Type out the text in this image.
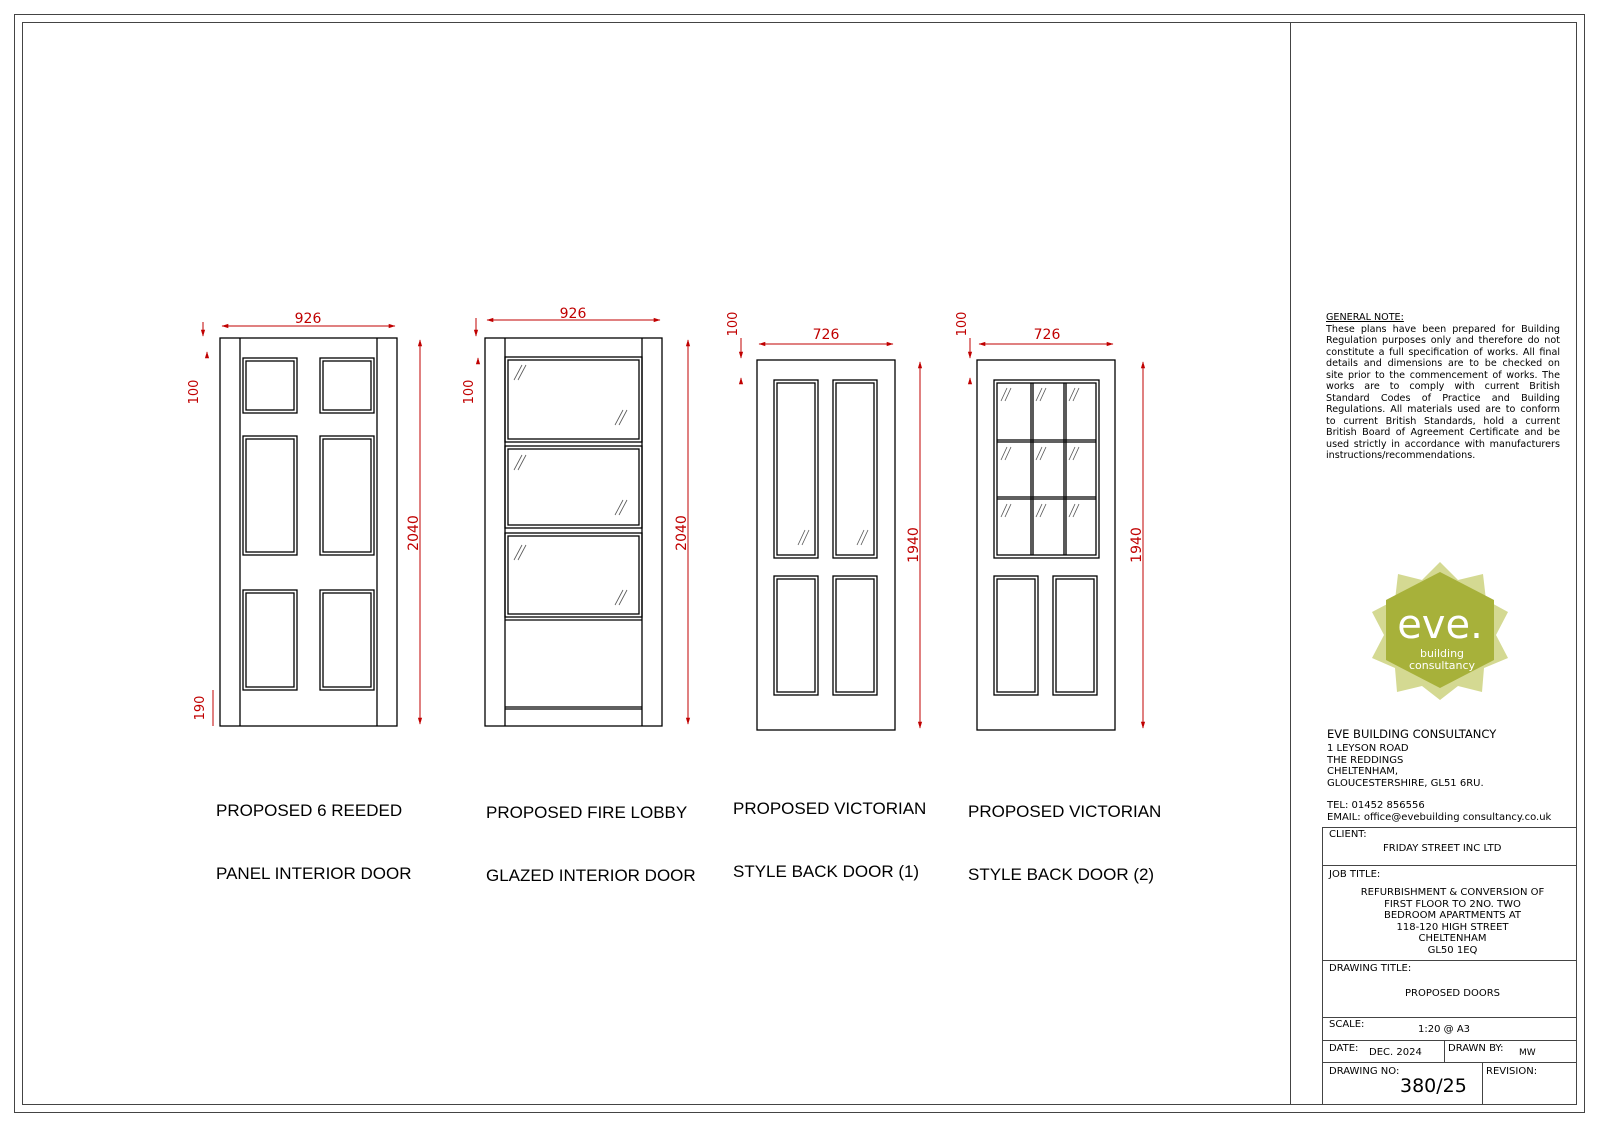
926
2040
100
190
926
2040
100
726
1940
100	726
1940
100

PROPOSED 6 REEDED

PANEL INTERIOR DOOR

PROPOSED FIRE LOBBY

GLAZED INTERIOR DOOR

PROPOSED VICTORIAN

STYLE BACK DOOR (1)

PROPOSED VICTORIAN

STYLE BACK DOOR (2)

GENERAL NOTE:
These plans have been prepared for Building Regulation purposes only and therefore do not constitute a full specification of works. All final details and dimensions are to be checked on site prior to the commencement of works. The works are to comply with current British Standard Codes of Practice and Building Regulations. All materials used are to conform to current British Standards, hold a current British Board of Agreement Certificate and be used strictly in accordance with manufacturers instructions/recommendations.
eve.
building
consultancy
EVE BUILDING CONSULTANCY
1 LEYSON ROAD
THE REDDINGS
CHELTENHAM,
GLOUCESTERSHIRE, GL51 6RU.
TEL: 01452 856556
EMAIL: office@evebuilding consultancy.co.uk
CLIENT:
FRIDAY STREET INC LTD
JOB TITLE:
REFURBISHMENT & CONVERSION OF
FIRST FLOOR TO 2NO. TWO
BEDROOM APARTMENTS AT
118-120 HIGH STREET
CHELTENHAM
GL50 1EQ
DRAWING TITLE:
PROPOSED DOORS
SCALE:	1:20 @ A3
DATE: DEC. 2024	DRAWN BY: MW
DRAWING NO:
380/25
REVISION:
